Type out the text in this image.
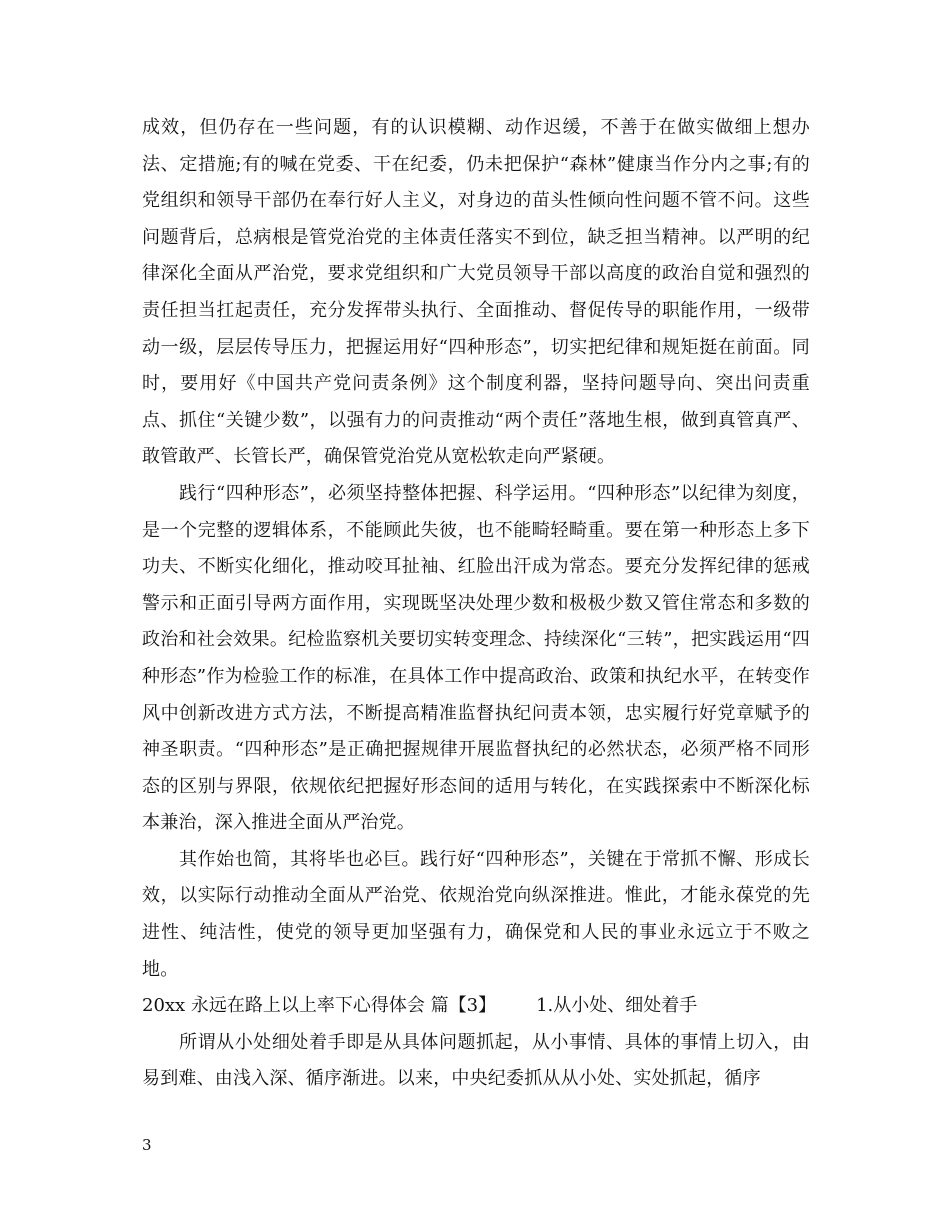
成效，但仍存在一些问题，有的认识模糊、动作迟缓，不善于在做实做细上想办法、定措施;有的喊在党委、干在纪委，仍未把保护“森林”健康当作分内之事;有的党组织和领导干部仍在奉行好人主义，对身边的苗头性倾向性问题不管不问。这些问题背后，总病根是管党治党的主体责任落实不到位，缺乏担当精神。以严明的纪律深化全面从严治党，要求党组织和广大党员领导干部以高度的政治自觉和强烈的责任担当扛起责任，充分发挥带头执行、全面推动、督促传导的职能作用，一级带动一级，层层传导压力，把握运用好“四种形态”，切实把纪律和规矩挺在前面。同时，要用好《中国共产党问责条例》这个制度利器，坚持问题导向、突出问责重点、抓住“关键少数”，以强有力的问责推动“两个责任”落地生根，做到真管真严、敢管敢严、长管长严，确保管党治党从宽松软走向严紧硬。

践行“四种形态”，必须坚持整体把握、科学运用。“四种形态”以纪律为刻度，是一个完整的逻辑体系，不能顾此失彼，也不能畸轻畸重。要在第一种形态上多下功夫、不断实化细化，推动咬耳扯袖、红脸出汗成为常态。要充分发挥纪律的惩戒警示和正面引导两方面作用，实现既坚决处理少数和极极少数又管住常态和多数的政治和社会效果。纪检监察机关要切实转变理念、持续深化“三转”，把实践运用“四种形态”作为检验工作的标准，在具体工作中提高政治、政策和执纪水平，在转变作风中创新改进方式方法，不断提高精准监督执纪问责本领，忠实履行好党章赋予的神圣职责。“四种形态”是正确把握规律开展监督执纪的必然状态，必须严格不同形态的区别与界限，依规依纪把握好形态间的适用与转化，在实践探索中不断深化标本兼治，深入推进全面从严治党。

其作始也简，其将毕也必巨。践行好“四种形态”，关键在于常抓不懈、形成长效，以实际行动推动全面从严治党、依规治党向纵深推进。惟此，才能永葆党的先进性、纯洁性，使党的领导更加坚强有力，确保党和人民的事业永远立于不败之地。

20xx 永远在路上以上率下心得体会 篇【3】 1.从小处、细处着手

所谓从小处细处着手即是从具体问题抓起，从小事情、具体的事情上切入，由易到难、由浅入深、循序渐进。以来，中央纪委抓从从小处、实处抓起，循序

3
